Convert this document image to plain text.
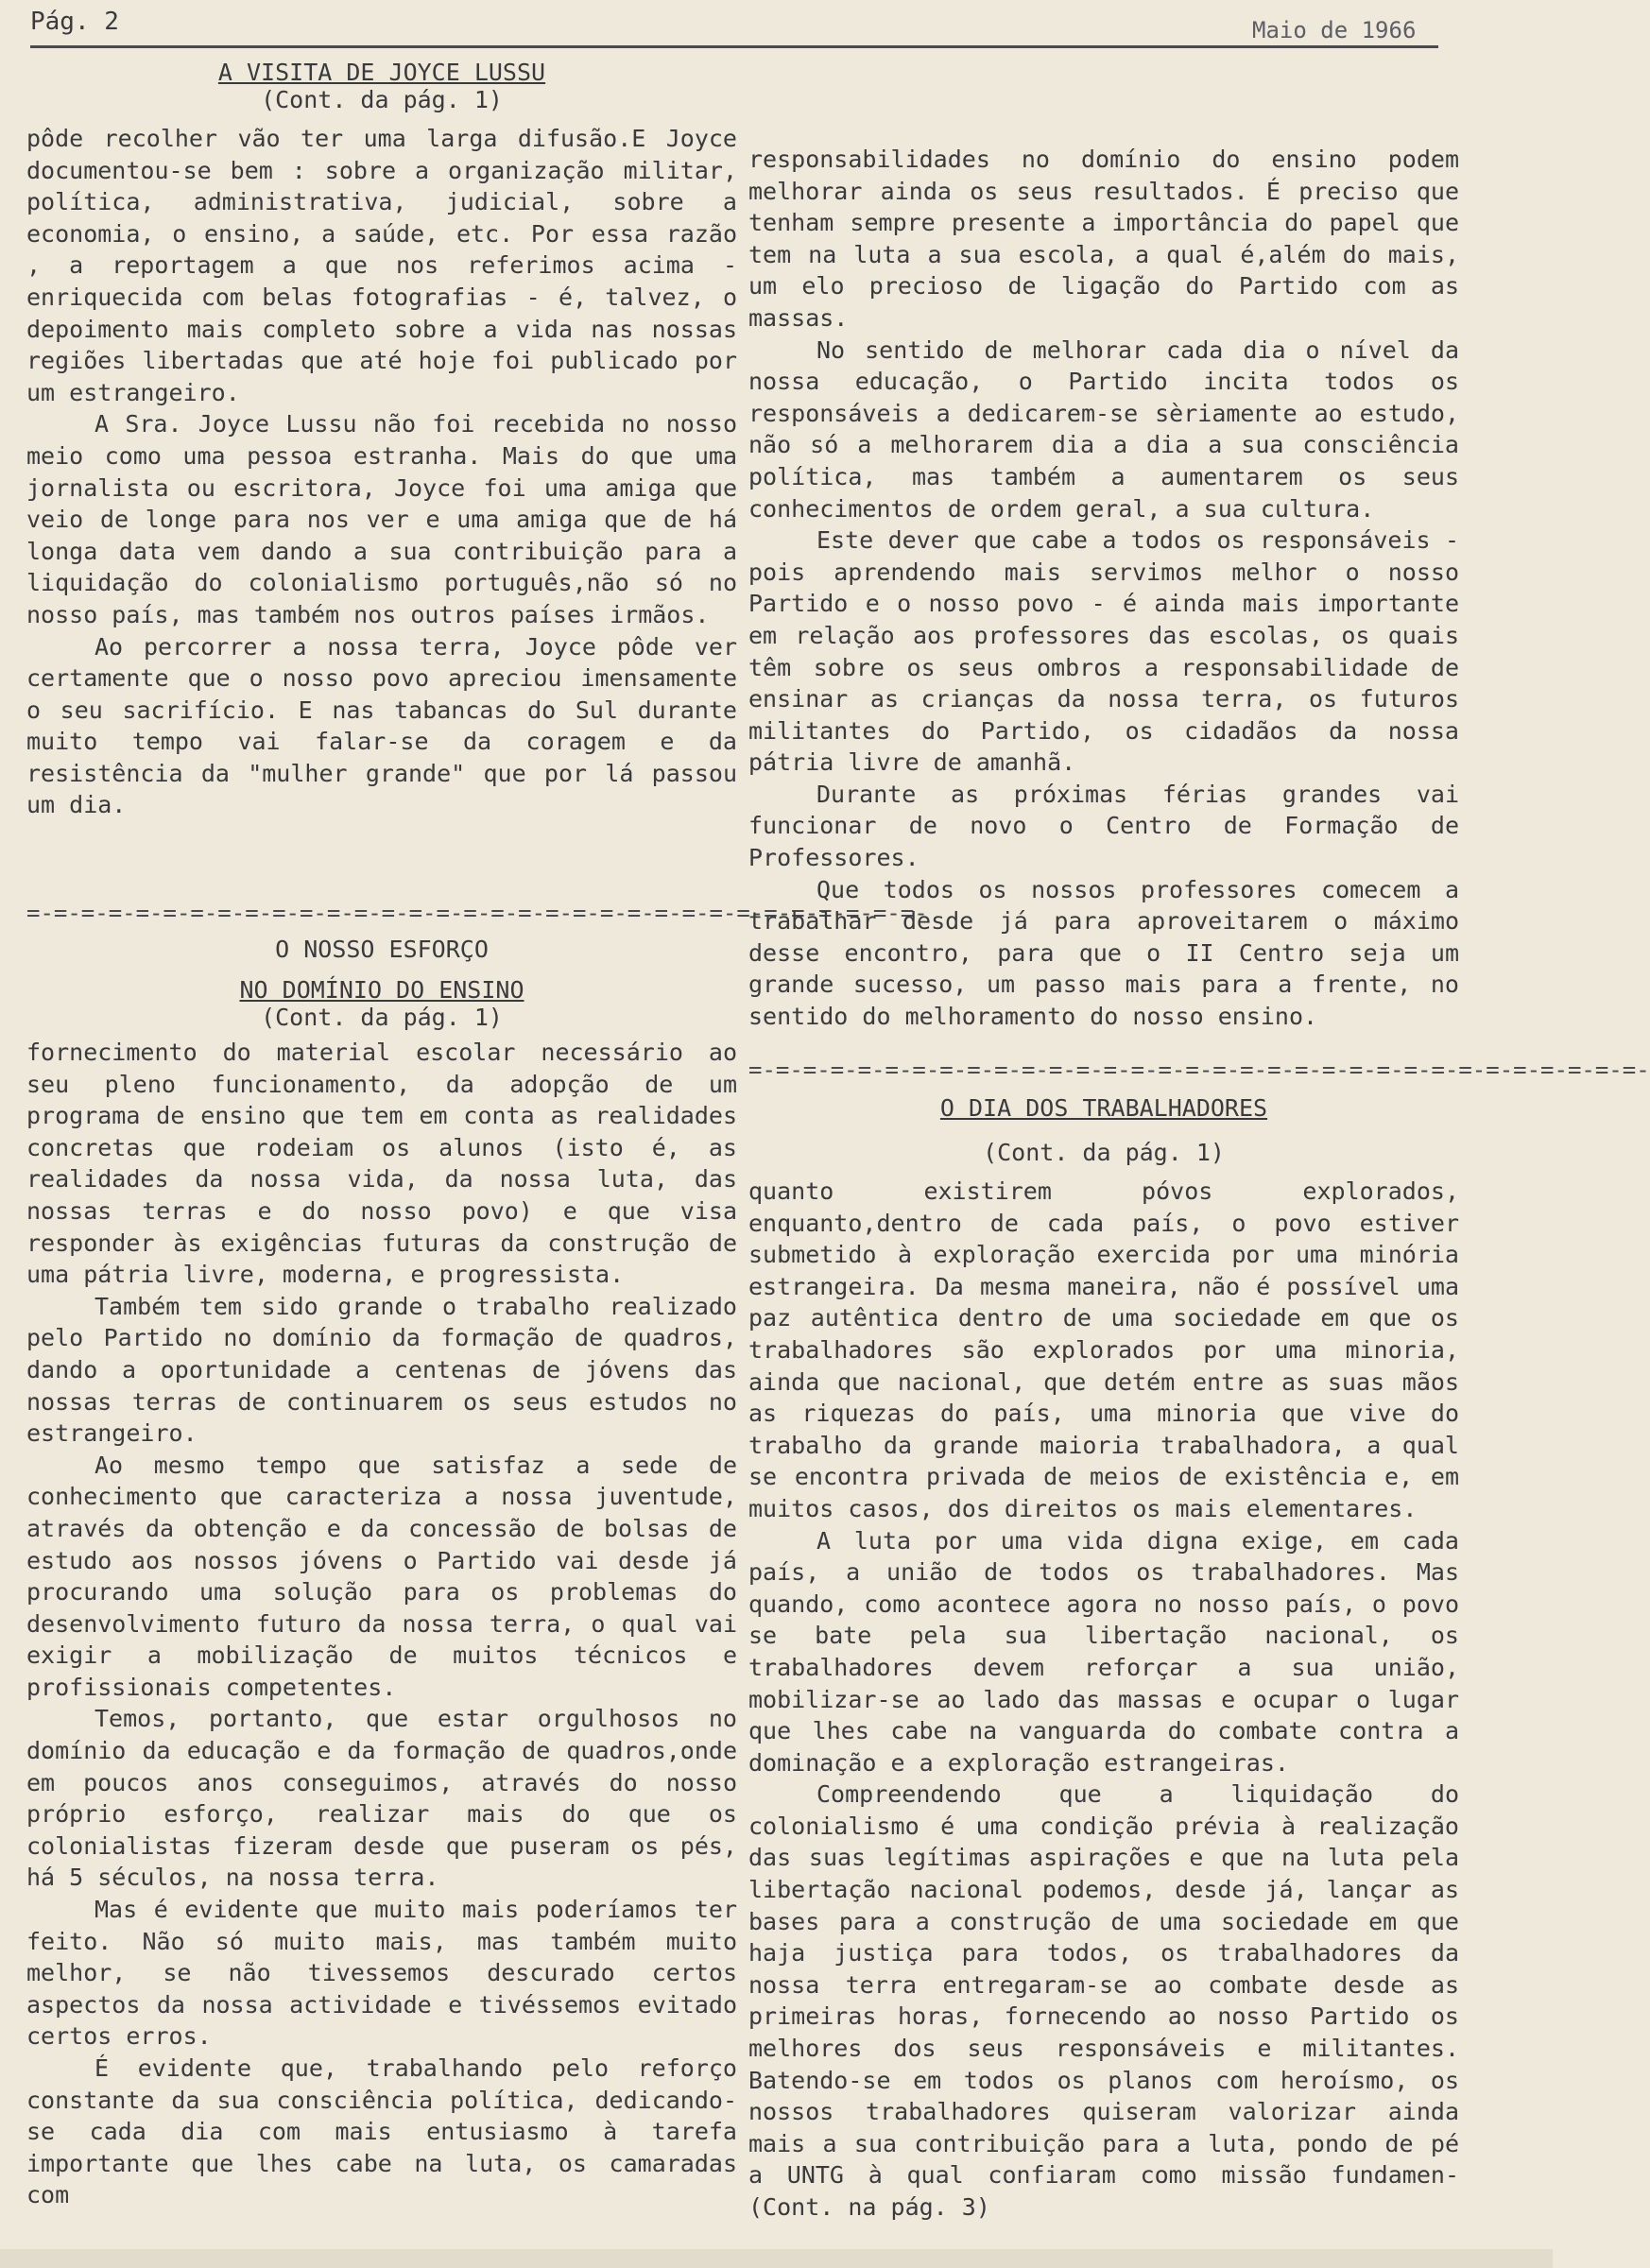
Pág. 2	Maio de 1966
A VISITA DE JOYCE LUSSU
(Cont. da pág. 1)

pôde recolher vão ter uma larga difusão.E Joyce documentou-se bem : sobre a organização militar, política, administrativa, judicial, sobre a economia, o ensino, a saúde, etc. Por essa razão , a reportagem a que nos referimos acima - enriquecida com belas fotografias - é, talvez, o depoimento mais completo sobre a vida nas nossas regiões libertadas que até hoje foi publicado por um estrangeiro.

A Sra. Joyce Lussu não foi recebida no nosso meio como uma pessoa estranha. Mais do que uma jornalista ou escritora, Joyce foi uma amiga que veio de longe para nos ver e uma amiga que de há longa data vem dando a sua contribuição para a liquidação do colonialismo português,não só no nosso país, mas também nos outros países irmãos.

Ao percorrer a nossa terra, Joyce pôde ver certamente que o nosso povo apreciou imensamente o seu sacrifício. E nas tabancas do Sul durante muito tempo vai falar-se da coragem e da resistência da "mulher grande" que por lá passou um dia.

=-=-=-=-=-=-=-=-=-=-=-=-=-=-=-=-=-=-=-=-=-=-=-=-=-=-=-=-=-=-=-=-=-
O NOSSO ESFORÇO
NO DOMÍNIO DO ENSINO
(Cont. da pág. 1)

fornecimento do material escolar necessário ao seu pleno funcionamento, da adopção de um programa de ensino que tem em conta as realidades concretas que rodeiam os alunos (isto é, as realidades da nossa vida, da nossa luta, das nossas terras e do nosso povo) e que visa responder às exigências futuras da construção de uma pátria livre, moderna, e progressista.

Também tem sido grande o trabalho realizado pelo Partido no domínio da formação de quadros, dando a oportunidade a centenas de jóvens das nossas terras de continuarem os seus estudos no estrangeiro.

Ao mesmo tempo que satisfaz a sede de conhecimento que caracteriza a nossa juventude, através da obtenção e da concessão de bolsas de estudo aos nossos jóvens o Partido vai desde já procurando uma solução para os problemas do desenvolvimento futuro da nossa terra, o qual vai exigir a mobilização de muitos técnicos e profissionais competentes.

Temos, portanto, que estar orgulhosos no domínio da educação e da formação de quadros,onde em poucos anos conseguimos, através do nosso próprio esforço, realizar mais do que os colonialistas fizeram desde que puseram os pés, há 5 séculos, na nossa terra.

Mas é evidente que muito mais poderíamos ter feito. Não só muito mais, mas também muito melhor, se não tivessemos descurado certos aspectos da nossa actividade e tivéssemos evitado certos erros.

É evidente que, trabalhando pelo reforço constante da sua consciência política, dedicando-se cada dia com mais entusiasmo à tarefa importante que lhes cabe na luta, os camaradas com

responsabilidades no domínio do ensino podem melhorar ainda os seus resultados. É preciso que tenham sempre presente a importância do papel que tem na luta a sua escola, a qual é,além do mais, um elo precioso de ligação do Partido com as massas.

No sentido de melhorar cada dia o nível da nossa educação, o Partido incita todos os responsáveis a dedicarem-se sèriamente ao estudo, não só a melhorarem dia a dia a sua consciência política, mas também a aumentarem os seus conhecimentos de ordem geral, a sua cultura.

Este dever que cabe a todos os responsáveis - pois aprendendo mais servimos melhor o nosso Partido e o nosso povo - é ainda mais importante em relação aos professores das escolas, os quais têm sobre os seus ombros a responsabilidade de ensinar as crianças da nossa terra, os futuros militantes do Partido, os cidadãos da nossa pátria livre de amanhã.

Durante as próximas férias grandes vai funcionar de novo o Centro de Formação de Professores.

Que todos os nossos professores comecem a trabalhar desde já para aproveitarem o máximo desse encontro, para que o II Centro seja um grande sucesso, um passo mais para a frente, no sentido do melhoramento do nosso ensino.

=-=-=-=-=-=-=-=-=-=-=-=-=-=-=-=-=-=-=-=-=-=-=-=-=-=-=-=-=-=-=-=-=-
O DIA DOS TRABALHADORES
(Cont. da pág. 1)

quanto existirem póvos explorados, enquanto,dentro de cada país, o povo estiver submetido à exploração exercida por uma minória estrangeira. Da mesma maneira, não é possível uma paz autêntica dentro de uma sociedade em que os trabalhadores são explorados por uma minoria, ainda que nacional, que detém entre as suas mãos as riquezas do país, uma minoria que vive do trabalho da grande maioria trabalhadora, a qual se encontra privada de meios de existência e, em muitos casos, dos direitos os mais elementares.

A luta por uma vida digna exige, em cada país, a união de todos os trabalhadores. Mas quando, como acontece agora no nosso país, o povo se bate pela sua libertação nacional, os trabalhadores devem reforçar a sua união, mobilizar-se ao lado das massas e ocupar o lugar que lhes cabe na vanguarda do combate contra a dominação e a exploração estrangeiras.

Compreendendo que a liquidação do colonialismo é uma condição prévia à realização das suas legítimas aspirações e que na luta pela libertação nacional podemos, desde já, lançar as bases para a construção de uma sociedade em que haja justiça para todos, os trabalhadores da nossa terra entregaram-se ao combate desde as primeiras horas, fornecendo ao nosso Partido os melhores dos seus responsáveis e militantes. Batendo-se em todos os planos com heroísmo, os nossos trabalhadores quiseram valorizar ainda mais a sua contribuição para a luta, pondo de pé a UNTG à qual confiaram como missão fundamen-(Cont. na pág. 3)
